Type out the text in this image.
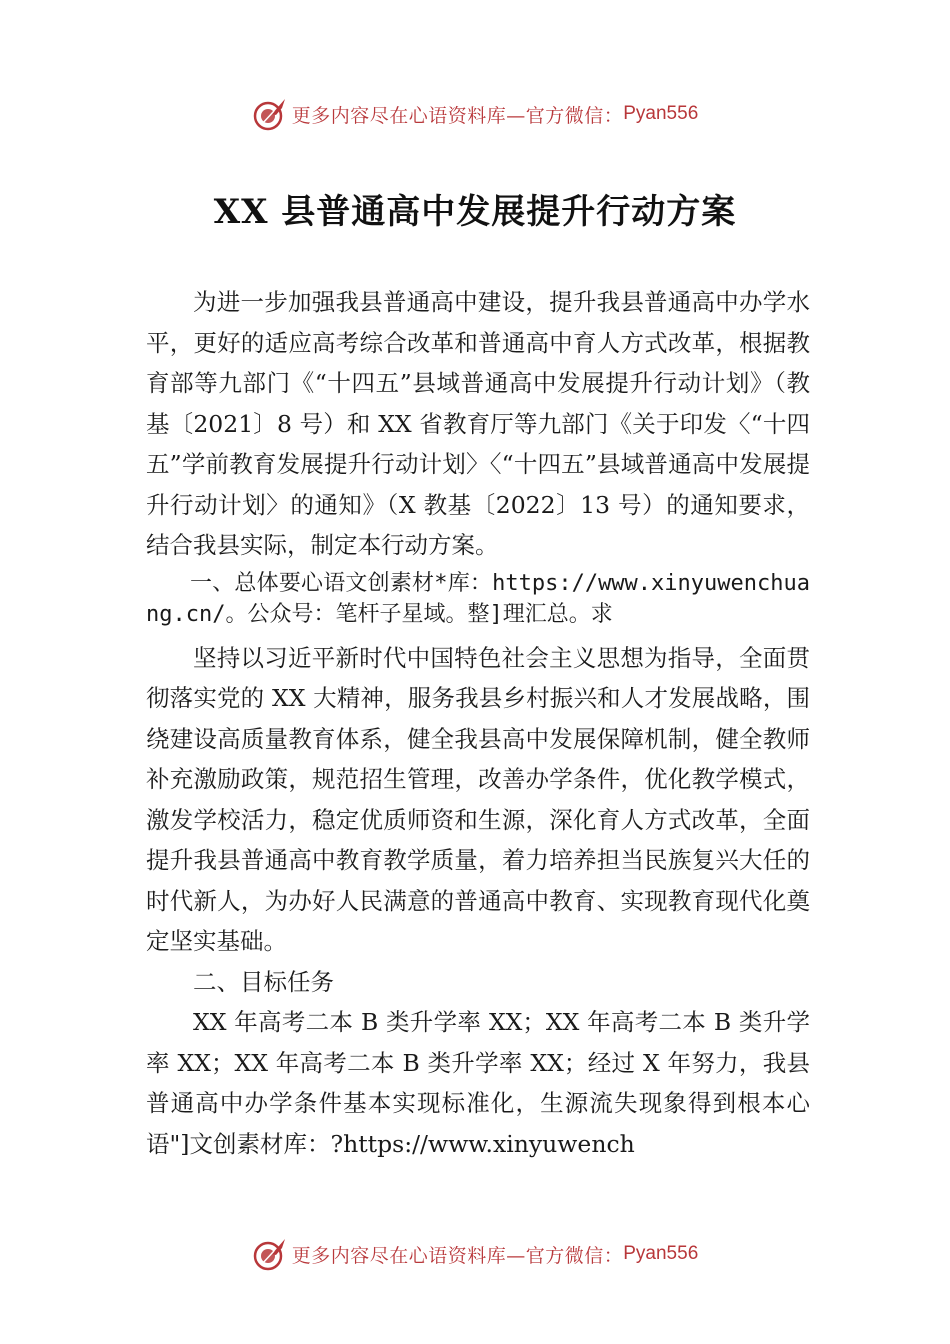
更多内容尽在心语资料库—官方微信： Pyan556
XX 县普通高中发展提升行动方案

为进一步加强我县普通高中建设，提升我县普通高中办学水平，更好的适应高考综合改革和普通高中育人方式改革，根据教育部等九部门《“十四五”县域普通高中发展提升行动计划》（教基〔2021〕8 号）和 XX 省教育厅等九部门《关于印发〈“十四五”学前教育发展提升行动计划〉〈“十四五”县域普通高中发展提升行动计划〉的通知》（X 教基〔2022〕13 号）的通知要求，结合我县实际，制定本行动方案。

一、总体要心语文创素材*库：https://www.xinyuwenchuang.cn/。公众号：笔杆子星域。整]理汇总。求

坚持以习近平新时代中国特色社会主义思想为指导，全面贯彻落实党的 XX 大精神，服务我县乡村振兴和人才发展战略，围绕建设高质量教育体系，健全我县高中发展保障机制，健全教师补充激励政策，规范招生管理，改善办学条件，优化教学模式，激发学校活力，稳定优质师资和生源，深化育人方式改革，全面提升我县普通高中教育教学质量，着力培养担当民族复兴大任的时代新人，为办好人民满意的普通高中教育、实现教育现代化奠定坚实基础。

二、目标任务

XX 年高考二本 B 类升学率 XX；XX 年高考二本 B 类升学率 XX；XX 年高考二本 B 类升学率 XX；经过 X 年努力，我县普通高中办学条件基本实现标准化，生源流失现象得到根本心语"]文创素材库：?https://www.xinyuwench

更多内容尽在心语资料库—官方微信： Pyan556
